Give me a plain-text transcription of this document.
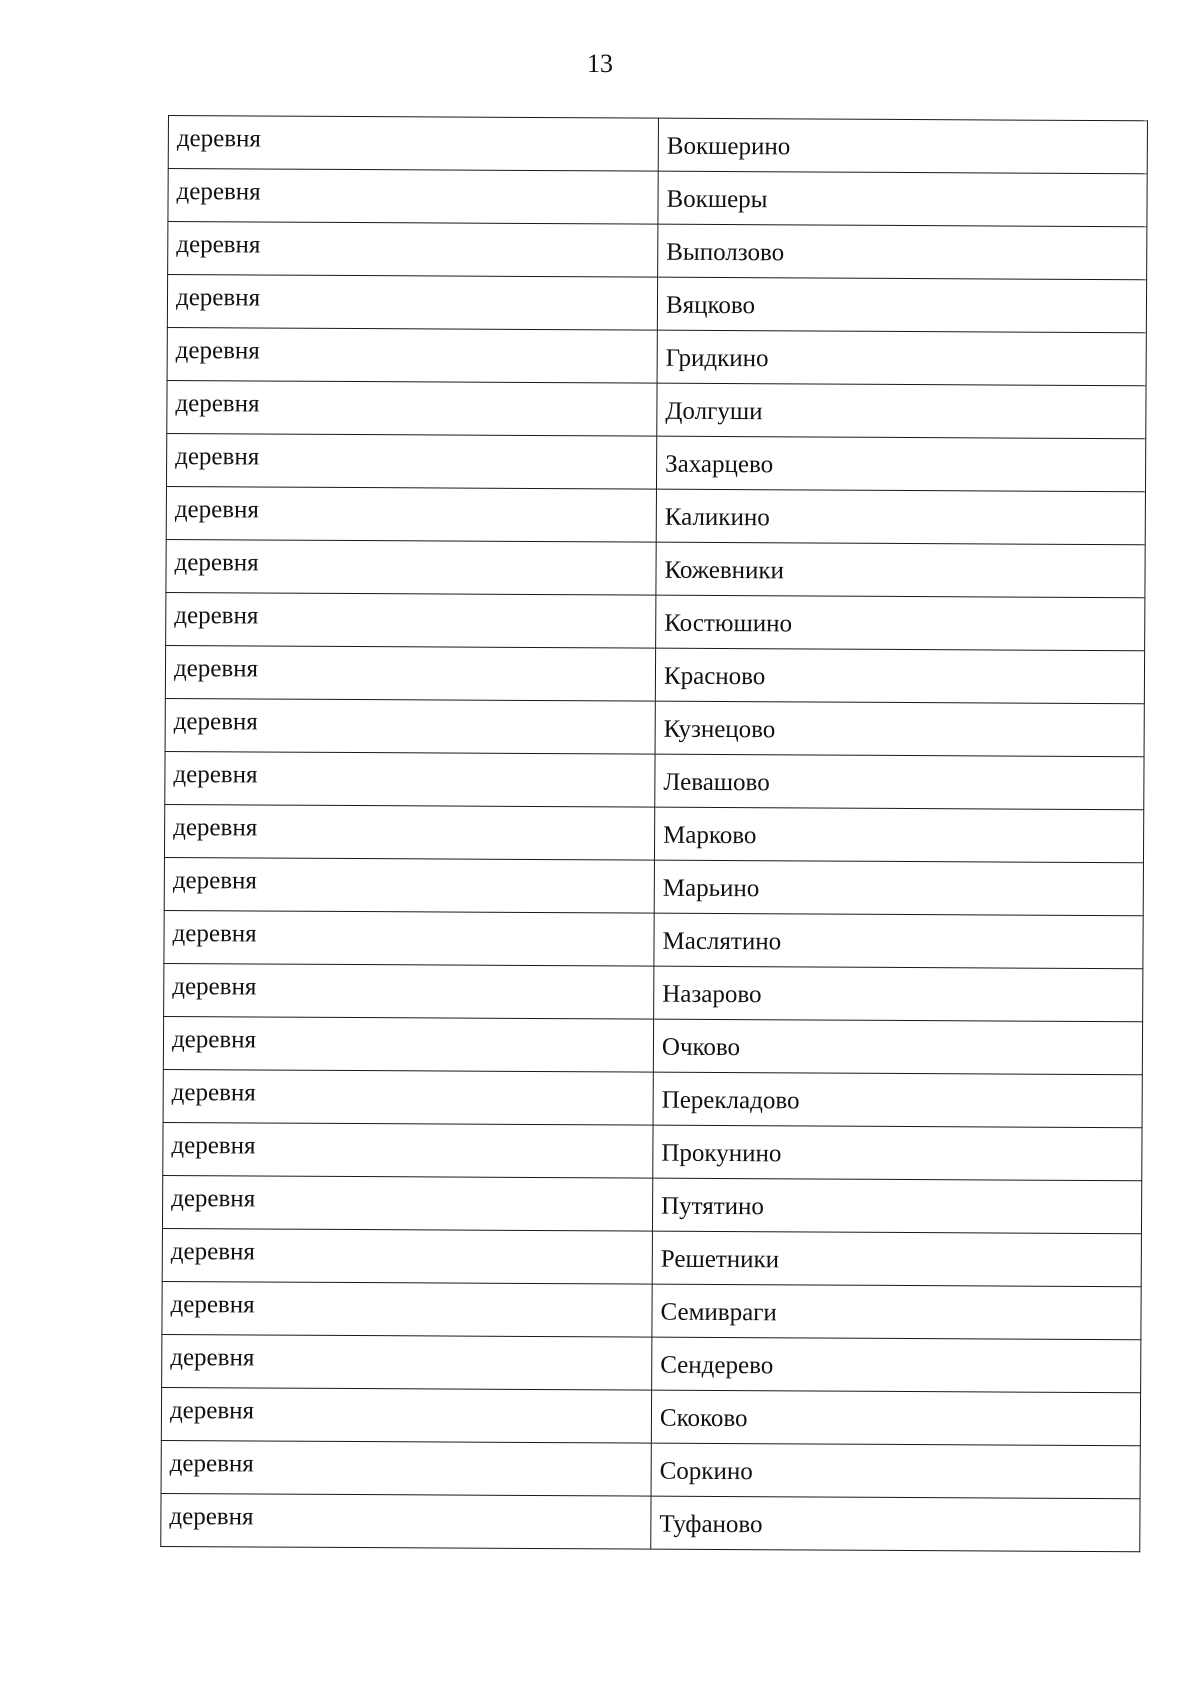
13
деревня	Вокшерино
деревня	Вокшеры
деревня	Выползово
деревня	Вяцково
деревня	Гридкино
деревня	Долгуши
деревня	Захарцево
деревня	Каликино
деревня	Кожевники
деревня	Костюшино
деревня	Красново
деревня	Кузнецово
деревня	Левашово
деревня	Марково
деревня	Марьино
деревня	Маслятино
деревня	Назарово
деревня	Очково
деревня	Перекладово
деревня	Прокунино
деревня	Путятино
деревня	Решетники
деревня	Семивраги
деревня	Сендерево
деревня	Скоково
деревня	Соркино
деревня	Туфаново
